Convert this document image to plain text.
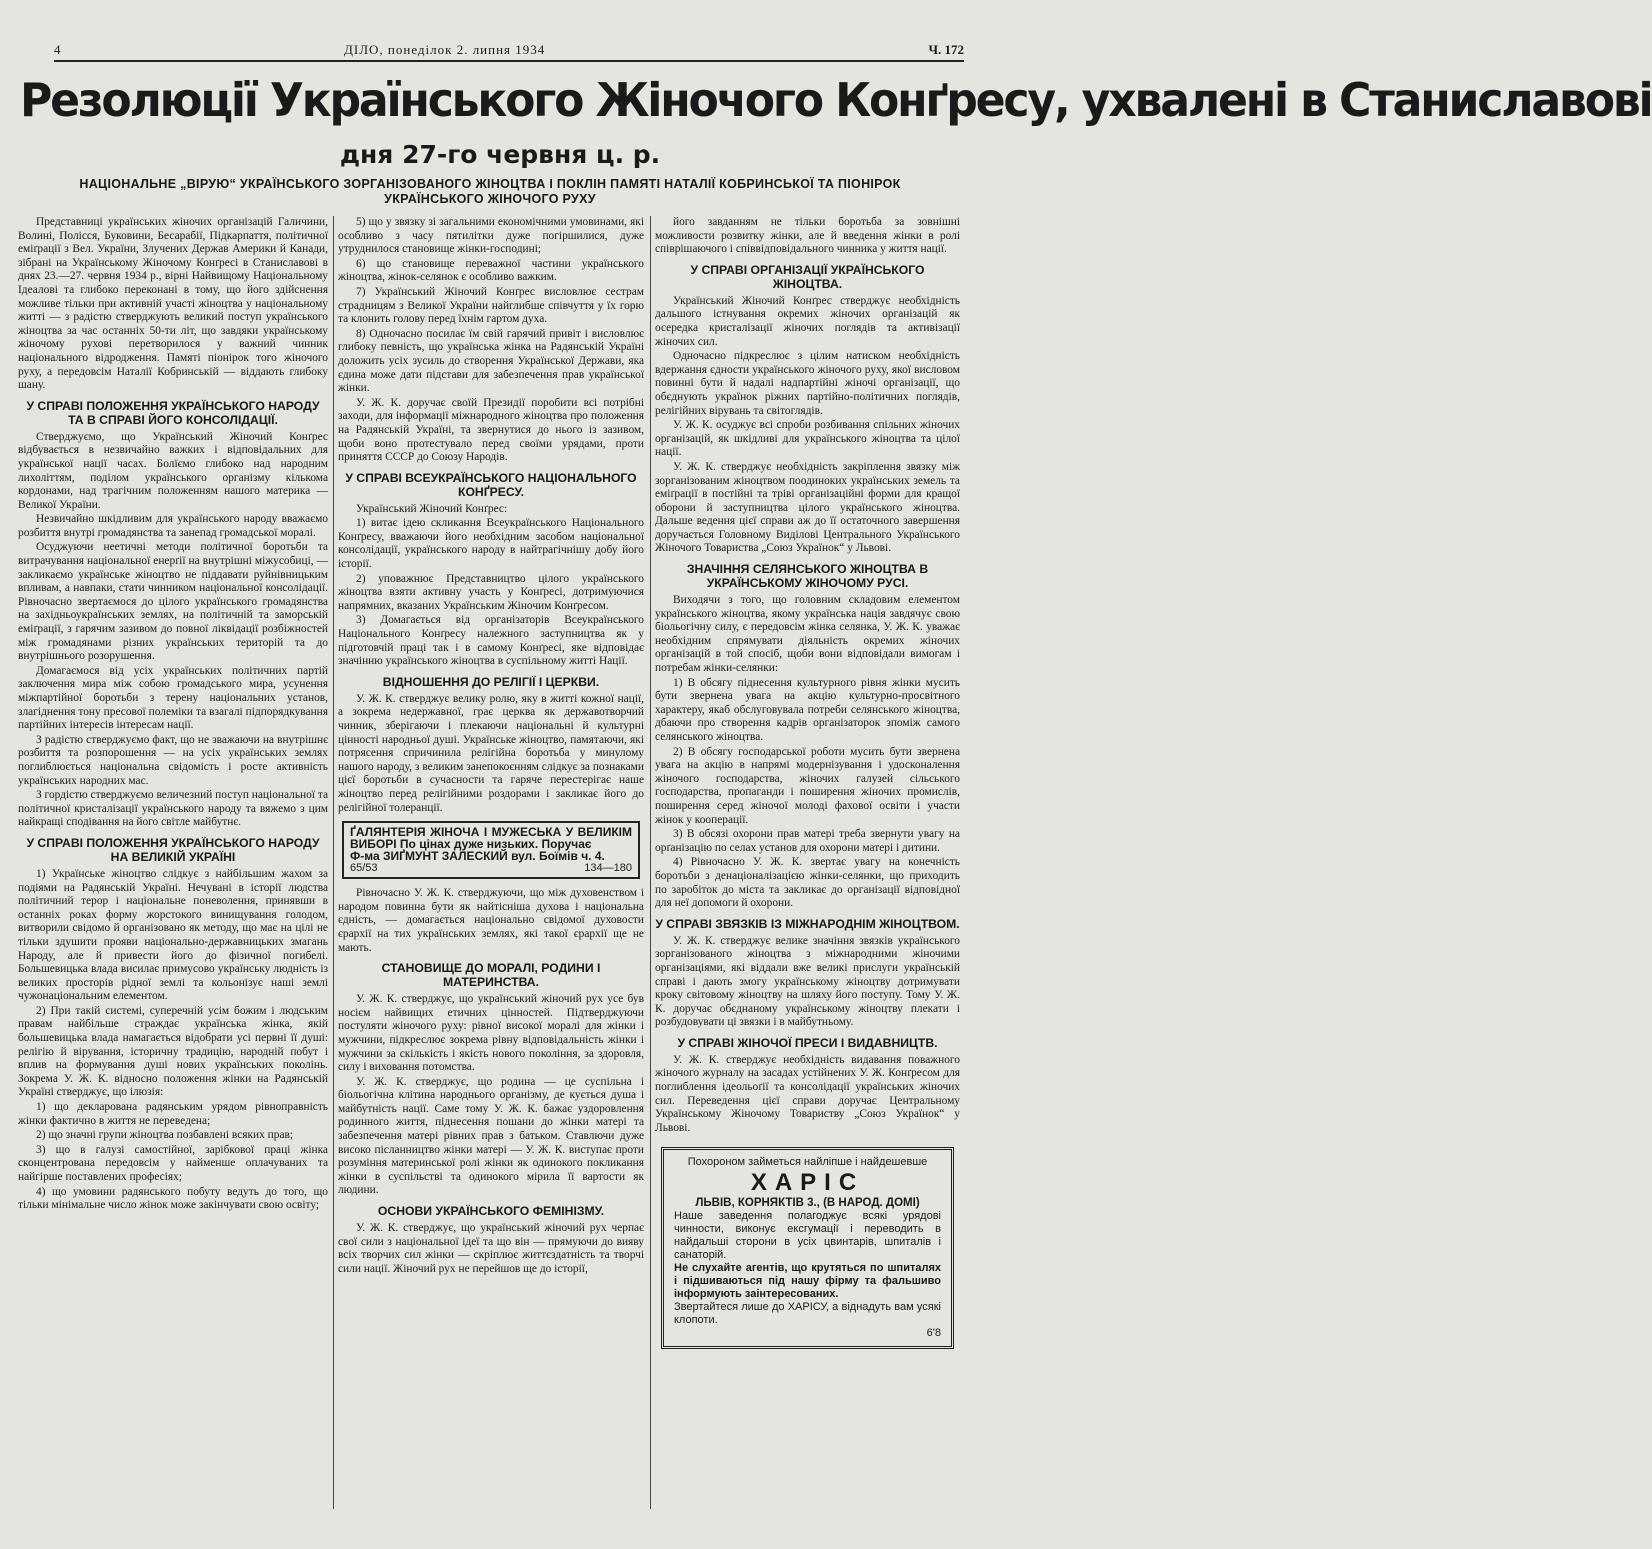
4	ДІЛО, понеділок 2. липня 1934	Ч. 172
Резолюції Українського Жіночого Конґресу, ухвалені в Станиславові
дня 27-го червня ц. р.
НАЦІОНАЛЬНЕ „ВІРУЮ“ УКРАЇНСЬКОГО ЗОРГАНІЗОВАНОГО ЖІНОЦТВА І ПОКЛІН ПАМЯТІ НАТАЛІЇ КОБРИНСЬКОЇ ТА ПІОНІРОК УКРАЇНСЬКОГО ЖІНОЧОГО РУХУ

Представниці українських жіночих організацій Галичини, Волині, Полісся, Буковини, Бесарабії, Підкарпаття, політичної еміґрації з Вел. України, Злучених Держав Америки й Канади, зібрані на Українському Жіночому Конґресі в Станиславові в днях 23.—27. червня 1934 р., вірні Найвищому Національному Ідеалові та глибоко переконані в тому, що його здійснення можливе тільки при активній участі жіноцтва у національному житті — з радістю стверджують великий поступ українського жіноцтва за час останніх 50-ти літ, що завдяки українському жіночому рухові перетворилося у важний чинник національного відродження. Памяті піонірок того жіночого руху, а передовсім Наталії Кобринській — віддають глибоку шану.

У СПРАВІ ПОЛОЖЕННЯ УКРАЇНСЬКОГО НАРОДУ ТА В СПРАВІ ЙОГО КОНСОЛІДАЦІЇ.

Стверджуємо, що Український Жіночий Конґрес відбувається в незвичайно важких і відповідальних для української нації часах. Болїємо глибоко над народним лихоліттям, поділом українського організму кількома кордонами, над трагічним положенням нашого материка — Великої України.

Незвичайно шкідливим для українського народу вважаємо розбиття внутрі громадянства та занепад громадської моралі.

Осуджуючи неетичні методи політичної боротьби та витрачування національної енерґії на внутрішні міжусобиці, — закликаємо українське жіноцтво не піддавати руйнівницьким впливам, а навпаки, стати чинником національної консолідації. Рівночасно звертаємося до цілого українського громадянства на західньоукраїнських землях, на політичній та заморській еміґрації, з гарячим зазивом до повної ліквідації розбіжностей між громадянами різних українських територій та до внутрішнього розорушення.

Домагаємося від усіх українських політичних партій заключення мира між собою громадського мира, усунення міжпартійної боротьби з терену національних установ, злагіднення тону пресової полеміки та взагалі підпорядкування партійних інтересів інтересам нації.

З радістю стверджуємо факт, що не зважаючи на внутрішнє розбиття та розпорошення — на усіх українських землях поглиблюється національна свідомість і росте активність українських народних мас.

З гордістю стверджуємо величезний поступ національної та політичної кристалізації українського народу та вяжемо з цим найкращі сподівання на його світле майбутнє.

У СПРАВІ ПОЛОЖЕННЯ УКРАЇНСЬКОГО НАРОДУ НА ВЕЛИКІЙ УКРАЇНІ

1) Українське жіноцтво слідкує з найбільшим жахом за подіями на Радянській Україні. Нечувані в історії людства політичний терор і національне поневолення, принявши в останніх роках форму жорстокого винищування голодом, витворили свідомо й організовано як методу, що має на цілі не тільки здушити прояви національно-державницьких змагань Народу, але й привести його до фізичної погибелі. Большевицька влада висилає примусово українську людність із великих просторів рідної землі та кольонізує наші землі чужонаціональним елементом.

2) При такій системі, суперечній усім божим і людським правам найбільше страждає українська жінка, якій большевицька влада намагається відобрати усі первні її душі: релігію й вірування, історичну традицію, народній побут і вплив на формування душі нових українських поколінь. Зокрема У. Ж. К. відносно положення жінки на Радянській Україні стверджує, що ілюзія:

1) що декларована радянським урядом рівноправність жінки фактично в життя не переведена;

2) що значні групи жіноцтва позбавлені всяких прав;

3) що в галузі самостійної, зарібкової праці жінка сконцентрована передовсім у найменше оплачуваних та найгірше поставлених професіях;

4) що умовини радянського побуту ведуть до того, що тільки мінімальне число жінок може закінчувати свою освіту;

5) що у звязку зі загальними економічними умовинами, які особливо з часу пятилітки дуже погіршилися, дуже утруднилося становище жінки-господині;

6) що становище переважної частини українського жіноцтва, жінок-селянок є особливо важким.

7) Український Жіночий Конґрес висловлює сестрам страдницям з Великої України найглибше співчуття у їх горю та клонить голову перед їхнім гартом духа.

8) Одночасно посилає їм свій гарячий привіт і висловлює глибоку певність, що українська жінка на Радянській Україні доложить усіх зусиль до створення Української Держави, яка єдина може дати підстави для забезпечення прав української жінки.

У. Ж. К. доручає своїй Президії поробити всі потрібні заходи, для інформації міжнародного жіноцтва про положення на Радянській Україні, та звернутися до нього із зазивом, щоби воно протестувало перед своїми урядами, проти приняття СССР до Союзу Народів.

У СПРАВІ ВСЕУКРАЇНСЬКОГО НАЦІОНАЛЬНОГО КОНҐРЕСУ.

Український Жіночий Конґрес:

1) витає ідею скликання Всеукраїнського Національного Конґресу, вважаючи його необхідним засобом національної консолідації, українського народу в найтрагічнішу добу його історії.

2) уповажнює Представництво цілого українського жіноцтва взяти активну участь у Конґресі, дотримуючися напрямних, вказаних Українським Жіночим Конґресом.

3) Домагається від організаторів Всеукраїнського Національного Конґресу належного заступництва як у підготовчій праці так і в самому Конґресі, яке відповідає значінню українського жіноцтва в суспільному житті Нації.

ВІДНОШЕННЯ ДО РЕЛІГІЇ І ЦЕРКВИ.

У. Ж. К. стверджує велику ролю, яку в житті кожної нації, а зокрема недержавної, грає церква як державотворчий чинник, зберігаючи і плекаючи національні й культурні цінності народньої душі. Українське жіноцтво, памятаючи, які потрясення спричинила релігійна боротьба у минулому нашого народу, з великим занепокоєнням слідкує за познаками цієї боротьби в сучасности та гаряче перестерігає наше жіноцтво перед релігійними роздорами і закликає його до релігійної толеранції.

ҐАЛЯНТЕРІЯ ЖІНОЧА І МУЖЕСЬКА У ВЕЛИКІМ ВИБОРІ По цінах дуже низьких. Поручає
Ф-ма ЗИҐМУНТ ЗАЛЕСКИЙ вул. Боїмів ч. 4.
65/53	134—180

Рівночасно У. Ж. К. стверджуючи, що між духовенством і народом повинна бути як найтісніша духова і національна єдність, — домагається національно свідомої духовости єрархії на тих українських землях, які такої єрархії ще не мають.

СТАНОВИЩЕ ДО МОРАЛІ, РОДИНИ І МАТЕРИНСТВА.

У. Ж. К. стверджує, що український жіночий рух усе був носієм найвищих етичних цінностей. Підтверджуючи постуляти жіночого руху: рівної високої моралі для жінки і мужчини, підкреслює зокрема рівну відповідальність жінки і мужчини за скількість і якість нового покоління, за здоровля, силу і виховання потомства.

У. Ж. К. стверджує, що родина — це суспільна і біольогічна клітина народнього організму, де кується душа і майбутність нації. Саме тому У. Ж. К. бажає уздоровлення родинного життя, піднесення пошани до жінки матері та забезпечення матері рівних прав з батьком. Ставлючи дуже високо післанництво жінки матері — У. Ж. К. виступає проти розуміння материнської ролі жінки як одинокого покликання жінки в суспільстві та одинокого мірила її вартости як людини.

ОСНОВИ УКРАЇНСЬКОГО ФЕМІНІЗМУ.

У. Ж. К. стверджує, що український жіночий рух черпає свої сили з національної ідеї та що він — прямуючи до вияву всіх творчих сил жінки — скріплює життєздатність та творчі сили нації. Жіночий рух не перейшов ще до історії,

його завданням не тільки боротьба за зовнішні можливости розвитку жінки, але й введення жінки в ролі співрішаючого і співвідповідального чинника у життя нації.

У СПРАВІ ОРГАНІЗАЦІЇ УКРАЇНСЬКОГО ЖІНОЦТВА.

Український Жіночий Конґрес стверджує необхідність дальшого істнування окремих жіночих організацій як осередка кристалізації жіночих поглядів та активізації жіночих сил.

Одночасно підкреслює з цілим натиском необхідність вдержання єдности українського жіночого руху, якої висловом повинні бути й надалі надпартійні жіночі організації, що обєднують українок ріжних партійно-політичних поглядів, релігійних вірувань та світоглядів.

У. Ж. К. осуджує всі спроби розбивання спільних жіночих організацій, як шкідливі для українського жіноцтва та цілої нації.

У. Ж. К. стверджує необхідність закріплення звязку між зорганізованим жіноцтвом поодиноких українських земель та еміґрації в постійні та тріві організаційні форми для кращої оборони й заступництва цілого українського жіноцтва. Дальше ведення цієї справи аж до її остаточного завершення доручається Головному Виділові Центрального Українського Жіночого Товариства „Союз Українок“ у Львові.

ЗНАЧІННЯ СЕЛЯНСЬКОГО ЖІНОЦТВА В УКРАЇНСЬКОМУ ЖІНОЧОМУ РУСІ.

Виходячи з того, що головним складовим елементом українського жіноцтва, якому українська нація завдячує свою біольогічну силу, є передовсім жінка селянка, У. Ж. К. уважає необхідним спрямувати діяльність окремих жіночих організацій в той спосіб, щоби вони відповідали вимогам і потребам жінки-селянки:

1) В обсягу піднесення культурного рівня жінки мусить бути звернена увага на акцію культурно-просвітного характеру, якаб обслуговувала потреби селянського жіноцтва, дбаючи про створення кадрів організаторок зпоміж самого селянського жіноцтва.

2) В обсягу господарської роботи мусить бути звернена увага на акцію в напрямі модернізування і удосконалення жіночого господарства, жіночих галузей сільського господарства, пропаганди і поширення жіночих промислів, поширення серед жіночої молоді фахової освіти і участи жінок у кооперації.

3) В обсязі охорони прав матері треба звернути увагу на орґанізацію по селах установ для охорони матері і дитини.

4) Рівночасно У. Ж. К. звертає увагу на конечність боротьби з денаціоналізацією жінки-селянки, що приходить по заробіток до міста та закликає до організації відповідної для неї допомоги й охорони.

У СПРАВІ ЗВЯЗКІВ ІЗ МІЖНАРОДНІМ ЖІНОЦТВОМ.

У. Ж. К. стверджує велике значіння звязків українського зорганізованого жіноцтва з міжнародними жіночими організаціями, які віддали вже великі прислуги українській справі і дають змогу українському жіноцтву дотримувати кроку світовому жіноцтву на шляху його поступу. Тому У. Ж. К. доручає обєднаному українському жіноцтву плекати і розбудовувати ці звязки і в майбутньому.

У СПРАВІ ЖІНОЧОЇ ПРЕСИ І ВИДАВНИЦТВ.

У. Ж. К. стверджує необхідність видавання поважного жіночого журналу на засадах устійнених У. Ж. Конґресом для поглиблення ідеольоґії та консолідації українських жіночих сил. Переведення цієї справи доручає Центральному Українському Жіночому Товариству „Союз Українок“ у Львові.

Похороном займеться найліпше і найдешевше
ХАРІС
ЛЬВІВ, КОРНЯКТІВ 3., (В НАРОД. ДОМІ)
Наше заведення полагоджує всякі урядові чинности, виконує ексгумації і переводить в найдальші сторони в усіх цвинтарів, шпиталів і санаторій.
Не слухайте агентів, що крутяться по шпиталях і підшиваються під нашу фірму та фальшиво інформують заінтересованих.
Звертайтеся лише до ХАРІСУ, а віднадуть вам усякі клопоти.
6'8
